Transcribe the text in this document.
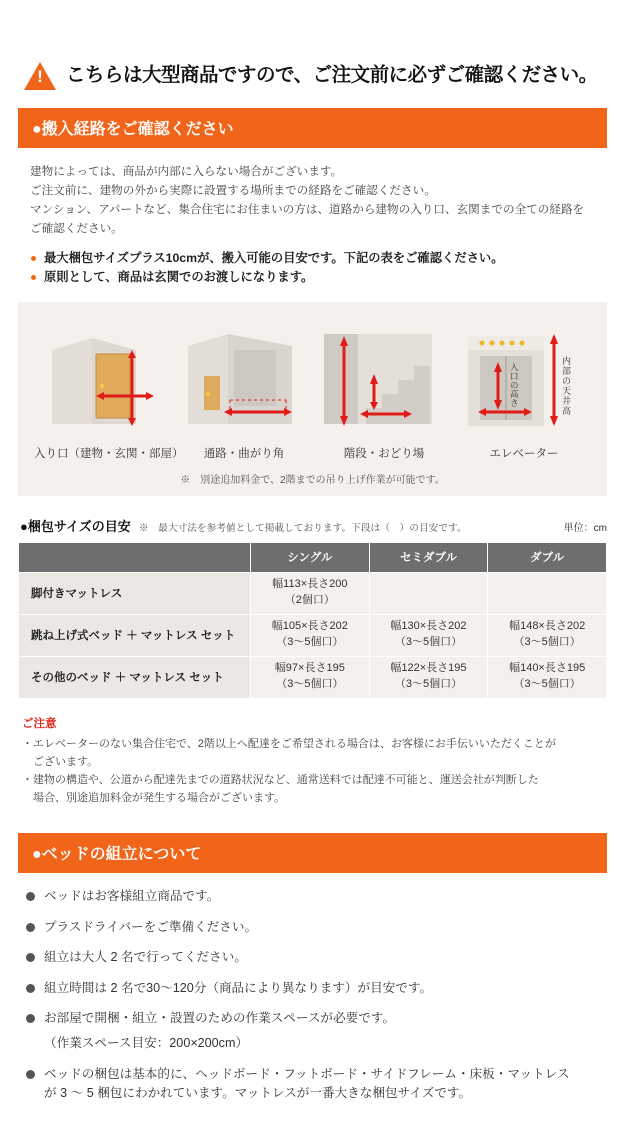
!
こちらは大型商品ですので、ご注文前に必ずご確認ください。
●搬入経路をご確認ください
建物によっては、商品が内部に入らない場合がございます。
ご注文前に、建物の外から実際に設置する場所までの経路をご確認ください。
マンション、アパートなど、集合住宅にお住まいの方は、道路から建物の入り口、玄関までの全ての経路を
ご確認ください。
最大梱包サイズプラス10cmが、搬入可能の目安です。下記の表をご確認ください。
原則として、商品は玄関でのお渡しになります。
入り口（建物・玄関・部屋）	通路・曲がり角	階段・おどり場
内
部
の
天
井
高
入
口
の
高
さ
エレベーター
※　別途追加料金で、2階までの吊り上げ作業が可能です。
●梱包サイズの目安 ※　最大寸法を参考値として掲載しております。下段は（　）の目安です。	単位：cm
	シングル	セミダブル	ダブル
脚付きマットレス	幅113×長さ200
（2個口）		
跳ね上げ式ベッド ＋ マットレス セット	幅105×長さ202
（3〜5個口）	幅130×長さ202
（3〜5個口）	幅148×長さ202
（3〜5個口）
その他のベッド ＋ マットレス セット	幅97×長さ195
（3〜5個口）	幅122×長さ195
（3〜5個口）	幅140×長さ195
（3〜5個口）
ご注意
・エレベーターのない集合住宅で、2階以上へ配達をご希望される場合は、お客様にお手伝いいただくことが
　ございます。
・建物の構造や、公道から配達先までの道路状況など、通常送料では配達不可能と、運送会社が判断した
　場合、別途追加料金が発生する場合がございます。
●ベッドの組立について
ベッドはお客様組立商品です。
プラスドライバーをご準備ください。
組立は大人 2 名で行ってください。
組立時間は 2 名で30〜120分（商品により異なります）が目安です。
お部屋で開梱・組立・設置のための作業スペースが必要です。
（作業スペース目安：200×200cm）
ベッドの梱包は基本的に、ヘッドボード・フットボード・サイドフレーム・床板・マットレス
が 3 〜 5 梱包にわかれています。マットレスが一番大きな梱包サイズです。
